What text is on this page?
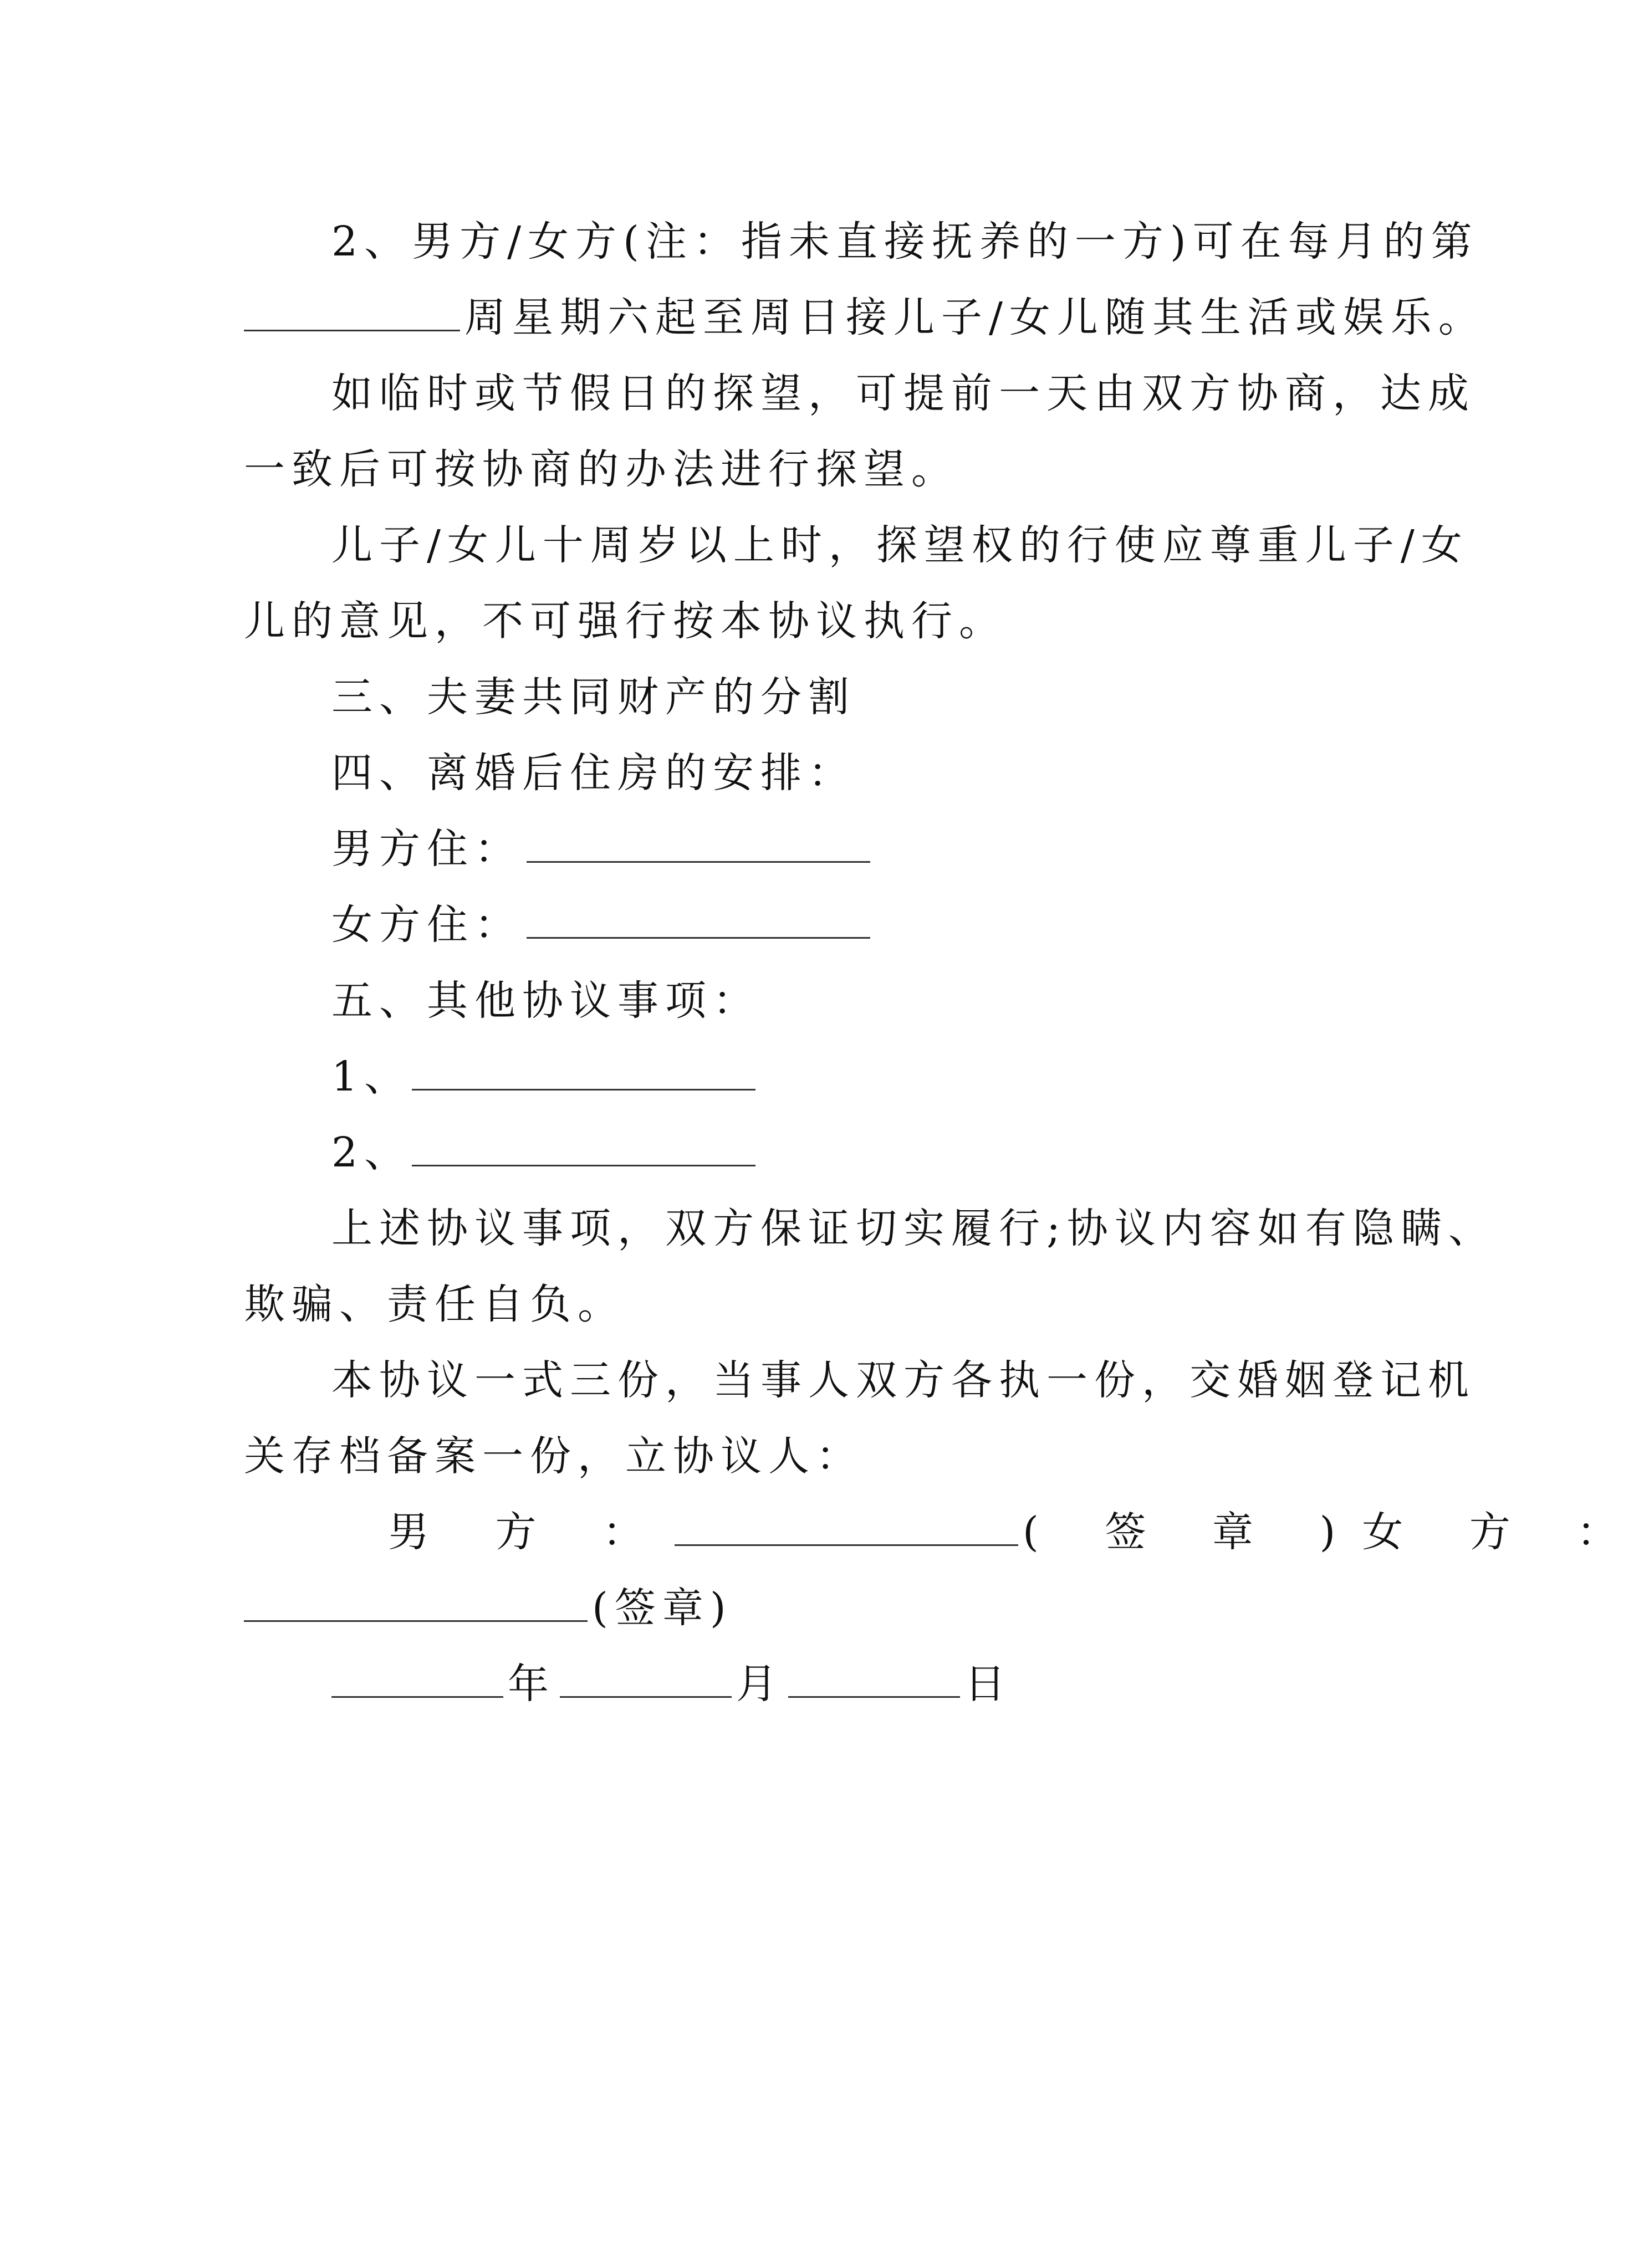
2、男方/女方(注：指未直接抚养的一方)可在每月的第
周星期六起至周日接儿子/女儿随其生活或娱乐。
如临时或节假日的探望，可提前一天由双方协商，达成
一致后可按协商的办法进行探望。
儿子/女儿十周岁以上时，探望权的行使应尊重儿子/女
儿的意见，不可强行按本协议执行。
三、夫妻共同财产的分割
四、离婚后住房的安排：
男方住：
女方住：
五、其他协议事项：
1、
2、
上述协议事项，双方保证切实履行;协议内容如有隐瞒、
欺骗、责任自负。
本协议一式三份，当事人双方各执一份，交婚姻登记机
关存档备案一份，立协议人：
男 方 ：	( 签 章 )女 方 ：
(签章)
年	月	日
